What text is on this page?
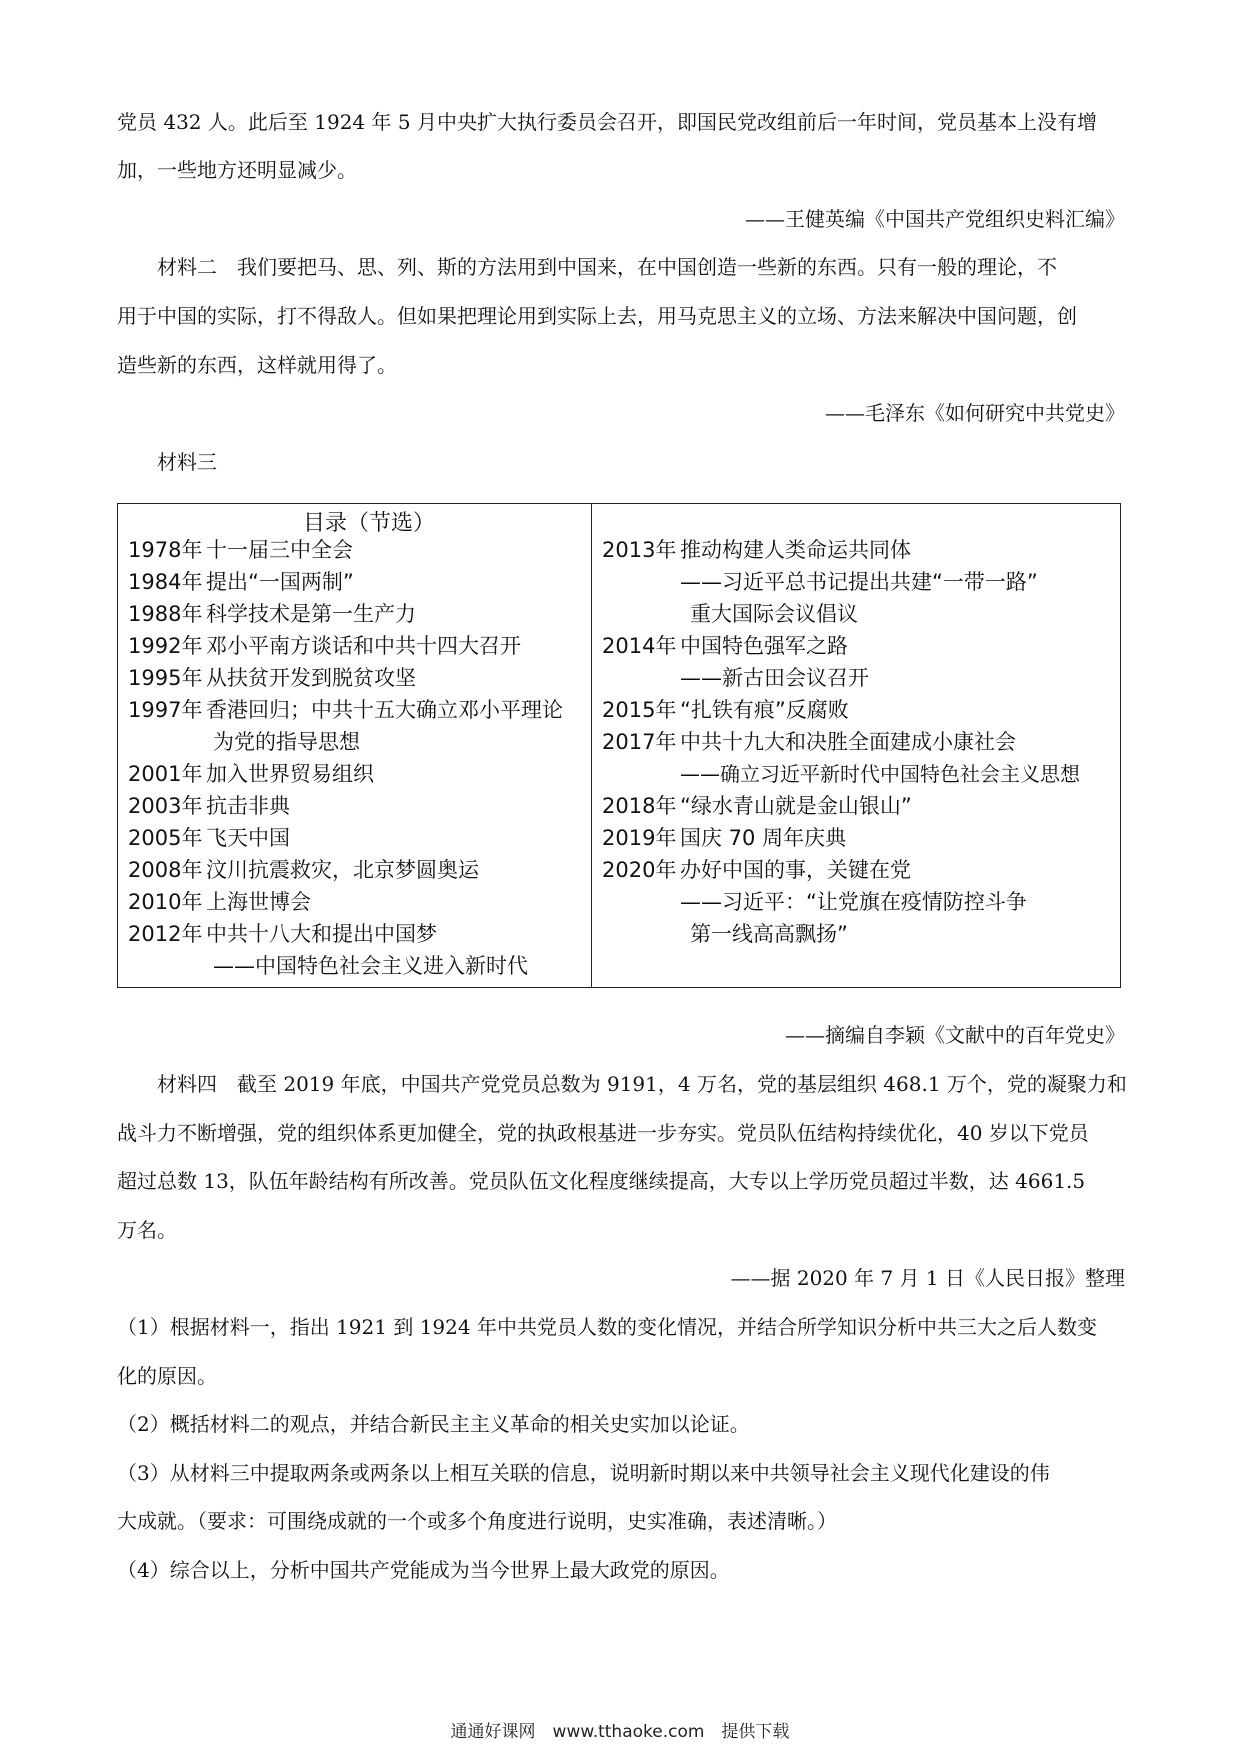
党员 432 人。此后至 1924 年 5 月中央扩大执行委员会召开，即国民党改组前后一年时间，党员基本上没有增
加，一些地方还明显减少。
——王健英编《中国共产党组织史料汇编》
材料二　我们要把马、思、列、斯的方法用到中国来，在中国创造一些新的东西。只有一般的理论，不
用于中国的实际，打不得敌人。但如果把理论用到实际上去，用马克思主义的立场、方法来解决中国问题，创
造些新的东西，这样就用得了。
——毛泽东《如何研究中共党史》
材料三
目录（节选）
1978年 十一届三中全会
1984年 提出“一国两制”
1988年 科学技术是第一生产力
1992年 邓小平南方谈话和中共十四大召开
1995年 从扶贫开发到脱贫攻坚
1997年 香港回归；中共十五大确立邓小平理论
为党的指导思想
2001年 加入世界贸易组织
2003年 抗击非典
2005年 飞天中国
2008年 汶川抗震救灾，北京梦圆奥运
2010年 上海世博会
2012年 中共十八大和提出中国梦
——中国特色社会主义进入新时代
2013年 推动构建人类命运共同体
——习近平总书记提出共建“一带一路”
重大国际会议倡议
2014年 中国特色强军之路
——新古田会议召开
2015年 “扎铁有痕”反腐败
2017年 中共十九大和决胜全面建成小康社会
——确立习近平新时代中国特色社会主义思想
2018年 “绿水青山就是金山银山”
2019年 国庆 70 周年庆典
2020年 办好中国的事，关键在党
——习近平：“让党旗在疫情防控斗争
第一线高高飘扬”
——摘编自李颖《文献中的百年党史》
材料四　截至 2019 年底，中国共产党党员总数为 9191，4 万名，党的基层组织 468.1 万个，党的凝聚力和
战斗力不断增强，党的组织体系更加健全，党的执政根基进一步夯实。党员队伍结构持续优化，40 岁以下党员
超过总数 13，队伍年龄结构有所改善。党员队伍文化程度继续提高，大专以上学历党员超过半数，达 4661.5
万名。
——据 2020 年 7 月 1 日《人民日报》整理
（1）根据材料一，指出 1921 到 1924 年中共党员人数的变化情况，并结合所学知识分析中共三大之后人数变
化的原因。
（2）概括材料二的观点，并结合新民主主义革命的相关史实加以论证。
（3）从材料三中提取两条或两条以上相互关联的信息，说明新时期以来中共领导社会主义现代化建设的伟
大成就。（要求：可围绕成就的一个或多个角度进行说明，史实准确，表述清晰。）
（4）综合以上，分析中国共产党能成为当今世界上最大政党的原因。
通通好课网　www.tthaoke.com　提供下载
